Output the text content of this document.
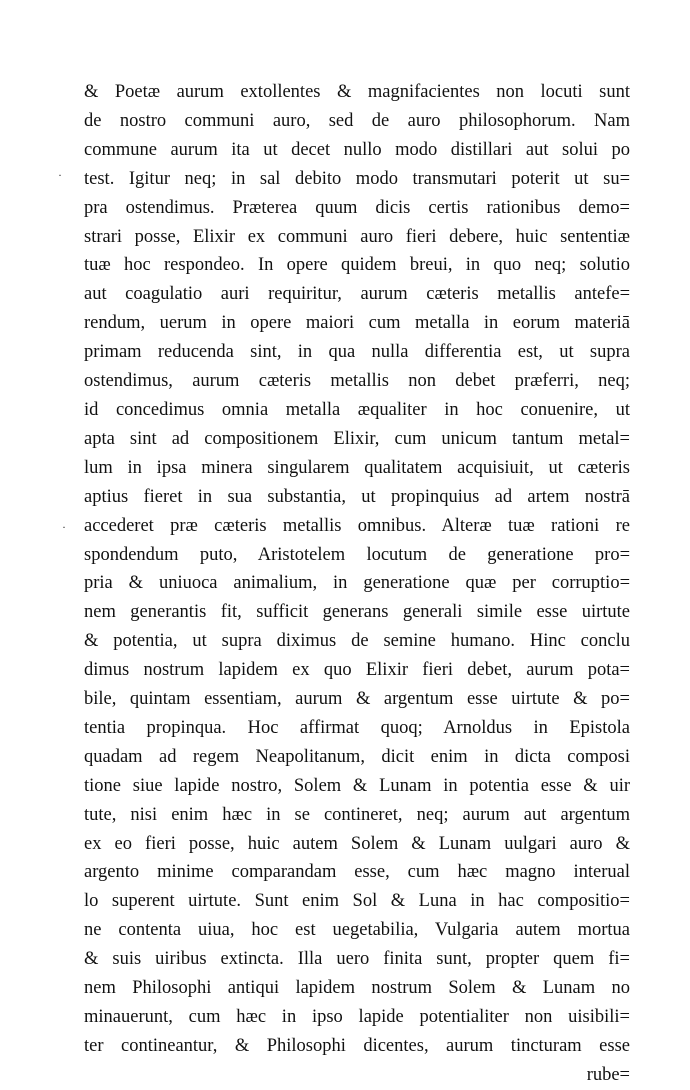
& Poetæ aurum extollentes & magnifacientes non locuti sunt
de nostro communi auro, sed de auro philosophorum. Nam
commune aurum ita ut decet nullo modo distillari aut solui po
test. Igitur neq; in sal debito modo transmutari poterit ut su=
pra ostendimus. Præterea quum dicis certis rationibus demo=
strari posse, Elixir ex communi auro fieri debere, huic sententiæ
tuæ hoc respondeo. In opere quidem breui, in quo neq; solutio
aut coagulatio auri requiritur, aurum cæteris metallis antefe=
rendum, uerum in opere maiori cum metalla in eorum materiā
primam reducenda sint, in qua nulla differentia est, ut supra
ostendimus, aurum cæteris metallis non debet præferri, neq;
id concedimus omnia metalla æqualiter in hoc conuenire, ut
apta sint ad compositionem Elixir, cum unicum tantum metal=
lum in ipsa minera singularem qualitatem acquisiuit, ut cæteris
aptius fieret in sua substantia, ut propinquius ad artem nostrā
accederet præ cæteris metallis omnibus. Alteræ tuæ rationi re
spondendum puto, Aristotelem locutum de generatione pro=
pria & uniuoca animalium, in generatione quæ per corruptio=
nem generantis fit, sufficit generans generali simile esse uirtute
& potentia, ut supra diximus de semine humano. Hinc conclu
dimus nostrum lapidem ex quo Elixir fieri debet, aurum pota=
bile, quintam essentiam, aurum & argentum esse uirtute & po=
tentia propinqua. Hoc affirmat quoq; Arnoldus in Epistola
quadam ad regem Neapolitanum, dicit enim in dicta composi
tione siue lapide nostro, Solem & Lunam in potentia esse & uir
tute, nisi enim hæc in se contineret, neq; aurum aut argentum
ex eo fieri posse, huic autem Solem & Lunam uulgari auro &
argento minime comparandam esse, cum hæc magno interual
lo superent uirtute. Sunt enim Sol & Luna in hac compositio=
ne contenta uiua, hoc est uegetabilia, Vulgaria autem mortua
& suis uiribus extincta. Illa uero finita sunt, propter quem fi=
nem Philosophi antiqui lapidem nostrum Solem & Lunam no
minauerunt, cum hæc in ipso lapide potentialiter non uisibili=
ter contineantur, & Philosophi dicentes, aurum tincturam esse
rube=
·
·
